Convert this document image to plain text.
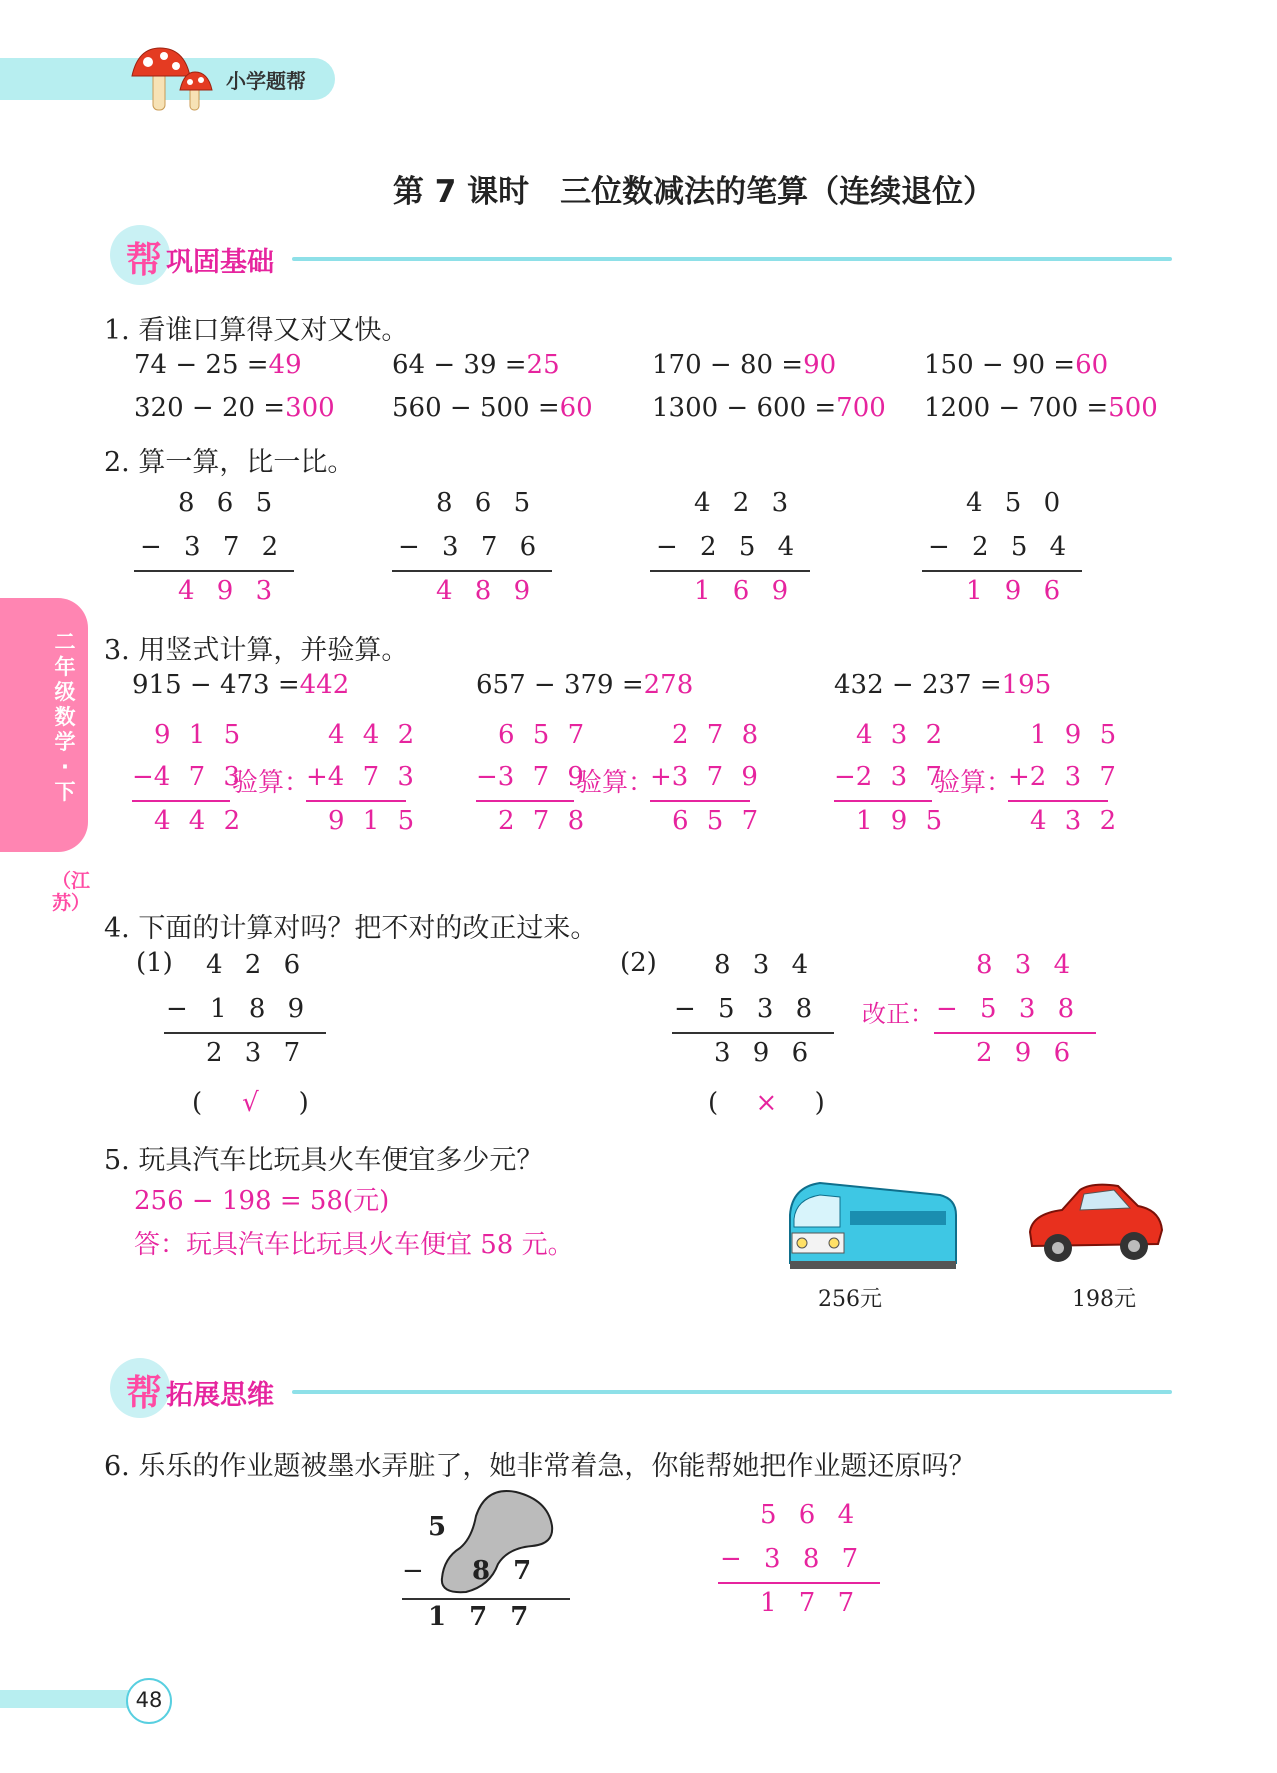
小学题帮
第 7 课时　三位数减法的笔算（连续退位）
帮 巩固基础
二年级数学·下
（江苏）
1. 看谁口算得又对又快。
2. 算一算，比一比。
3. 用竖式计算，并验算。
4. 下面的计算对吗？把不对的改正过来。
(1) 4 2 6
− 1 8 9
2 3 7
( √ )
(2) 8 3 4
− 5 3 8
3 9 6
( × )
改正：
8 3 4
− 5 3 8
2 9 6
5. 玩具汽车比玩具火车便宜多少元？
256 − 198 = 58(元)
答：玩具汽车比玩具火车便宜 58 元。
256元	198元
帮 拓展思维
6. 乐乐的作业题被墨水弄脏了，她非常着急，你能帮她把作业题还原吗？
5
− 8 7
1 7 7
5 6 4
− 3 8 7
1 7 7
48
74 − 25 =49	64 − 39 =25	170 − 80 =90	150 − 90 =60
320 − 20 =300 560 − 500 =60 1300 − 600 =700 1200 − 700 =500
8 6 5
− 3 7 2
4 9 3
8 6 5
− 3 7 6
4 8 9
4 2 3
− 2 5 4
1 6 9
4 5 0
− 2 5 4
1 9 6
915 − 473 =442
9 1 5
−4 7 3
4 4 2
验算：
4 4 2
+4 7 3
9 1 5
657 − 379 =278
6 5 7
−3 7 9
2 7 8
验算：
2 7 8
+3 7 9
6 5 7
432 − 237 =195
4 3 2
−2 3 7
1 9 5
验算：
1 9 5
+2 3 7
4 3 2
